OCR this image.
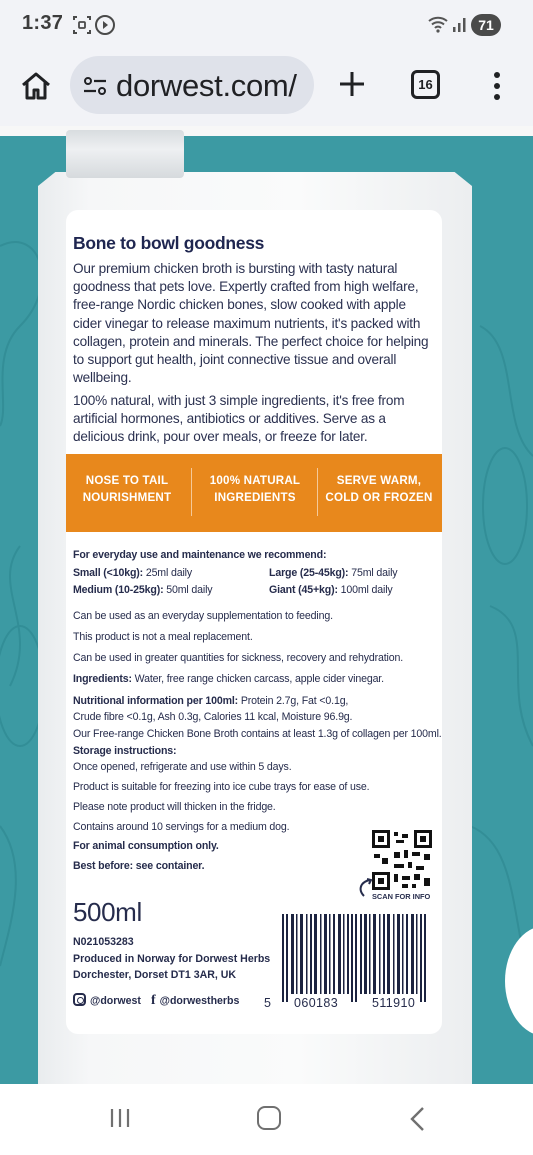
1:37	71
dorwest.com/	16
Bone to bowl goodness
Our premium chicken broth is bursting with tasty natural goodness that pets love. Expertly crafted from high welfare, free-range Nordic chicken bones, slow cooked with apple cider vinegar to release maximum nutrients, it's packed with collagen, protein and minerals. The perfect choice for helping to support gut health, joint connective tissue and overall wellbeing.
100% natural, with just 3 simple ingredients, it's free from artificial hormones, antibiotics or additives. Serve as a delicious drink, pour over meals, or freeze for later.
NOSE TO TAIL
NOURISHMENT
100% NATURAL
INGREDIENTS
SERVE WARM,
COLD OR FROZEN
For everyday use and maintenance we recommend:
Small (<10kg): 25ml daily	Large (25-45kg): 75ml daily
Medium (10-25kg): 50ml daily	Giant (45+kg): 100ml daily
Can be used as an everyday supplementation to feeding.
This product is not a meal replacement.
Can be used in greater quantities for sickness, recovery and rehydration.
Ingredients: Water, free range chicken carcass, apple cider vinegar.
Nutritional information per 100ml: Protein 2.7g, Fat <0.1g,
Crude fibre <0.1g, Ash 0.3g, Calories 11 kcal, Moisture 96.9g.
Our Free-range Chicken Bone Broth contains at least 1.3g of collagen per 100ml.
Storage instructions:
Once opened, refrigerate and use within 5 days.
Product is suitable for freezing into ice cube trays for ease of use.
Please note product will thicken in the fridge.
Contains around 10 servings for a medium dog.
For animal consumption only.
Best before: see container.
SCAN FOR INFO
500ml
N021053283
Produced in Norway for Dorwest Herbs
Dorchester, Dorset DT1 3AR, UK
@dorwest f @dorwestherbs 5 060183	511910
